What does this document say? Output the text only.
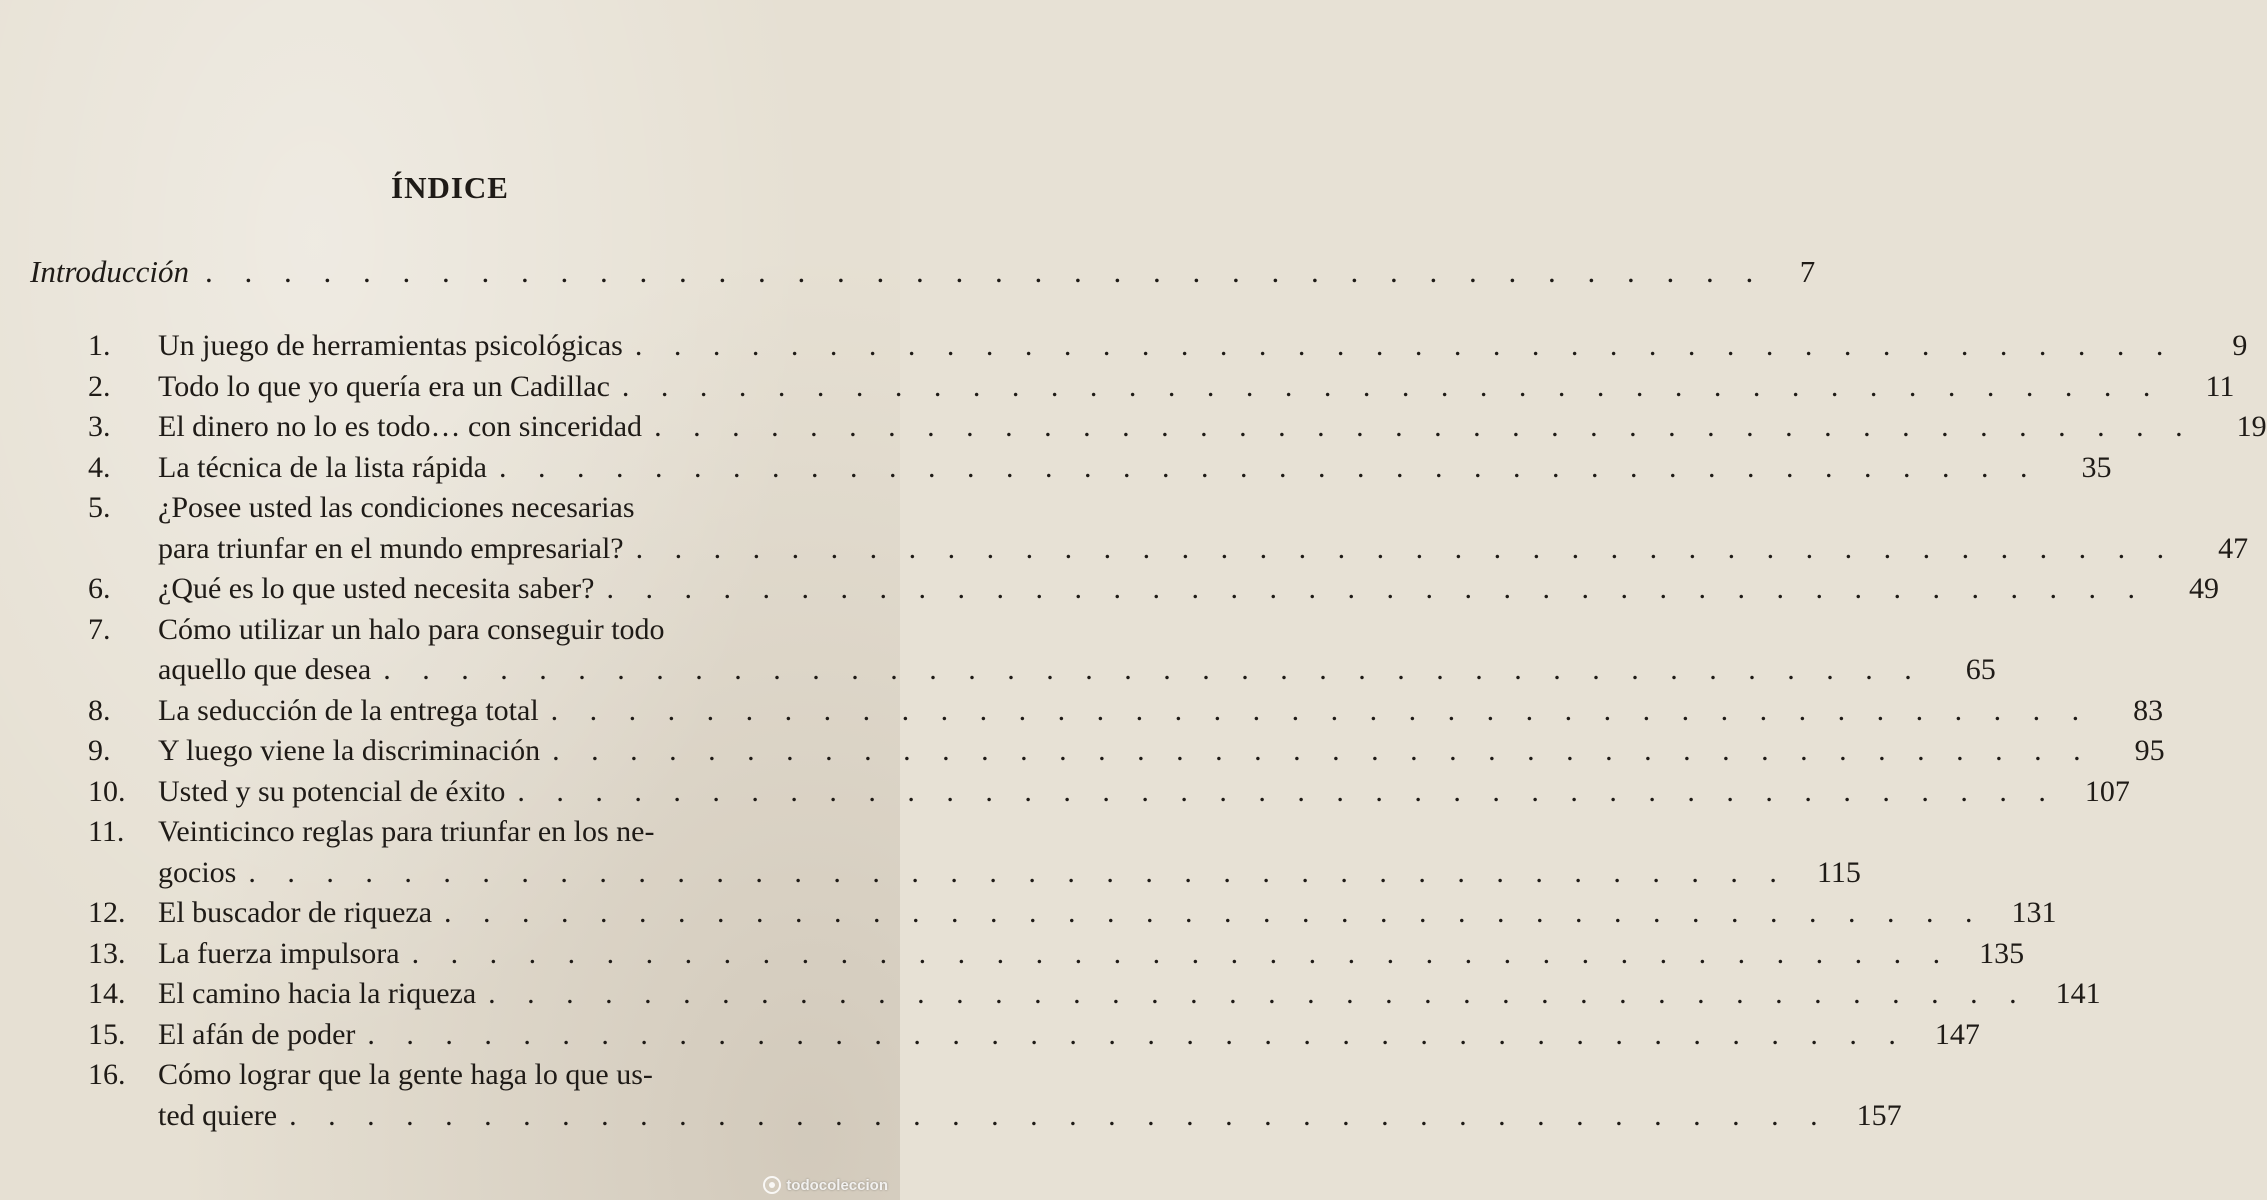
ÍNDICE
Introducción . . . . . . . . . . . . . . . . . . . . . . . . . . . . . . . . . . . . . . . .	7
1.	Un juego de herramientas psicológicas . . . . . . . . . . . . . . . . . . . . . . . . . . . . . . . . . . . . . . . .	9
2.	Todo lo que yo quería era un Cadillac . . . . . . . . . . . . . . . . . . . . . . . . . . . . . . . . . . . . . . . .	11
3.	El dinero no lo es todo… con sinceridad . . . . . . . . . . . . . . . . . . . . . . . . . . . . . . . . . . . . . . . .	19
4.	La técnica de la lista rápida . . . . . . . . . . . . . . . . . . . . . . . . . . . . . . . . . . . . . . . .	35
5.	¿Posee usted las condiciones necesarias
para triunfar en el mundo empresarial? . . . . . . . . . . . . . . . . . . . . . . . . . . . . . . . . . . . . . . . .	47
6.	¿Qué es lo que usted necesita saber? . . . . . . . . . . . . . . . . . . . . . . . . . . . . . . . . . . . . . . . .	49
7.	Cómo utilizar un halo para conseguir todo
aquello que desea . . . . . . . . . . . . . . . . . . . . . . . . . . . . . . . . . . . . . . . .	65
8.	La seducción de la entrega total . . . . . . . . . . . . . . . . . . . . . . . . . . . . . . . . . . . . . . . .	83
9.	Y luego viene la discriminación . . . . . . . . . . . . . . . . . . . . . . . . . . . . . . . . . . . . . . . .	95
10.	Usted y su potencial de éxito . . . . . . . . . . . . . . . . . . . . . . . . . . . . . . . . . . . . . . . . 107
11.	Veinticinco reglas para triunfar en los ne-
gocios . . . . . . . . . . . . . . . . . . . . . . . . . . . . . . . . . . . . . . . . 115
12.	El buscador de riqueza . . . . . . . . . . . . . . . . . . . . . . . . . . . . . . . . . . . . . . . . 131
13.	La fuerza impulsora . . . . . . . . . . . . . . . . . . . . . . . . . . . . . . . . . . . . . . . . 135
14.	El camino hacia la riqueza . . . . . . . . . . . . . . . . . . . . . . . . . . . . . . . . . . . . . . . . 141
15.	El afán de poder . . . . . . . . . . . . . . . . . . . . . . . . . . . . . . . . . . . . . . . . 147
16.	Cómo lograr que la gente haga lo que us-
ted quiere . . . . . . . . . . . . . . . . . . . . . . . . . . . . . . . . . . . . . . . . 157
todocoleccion
